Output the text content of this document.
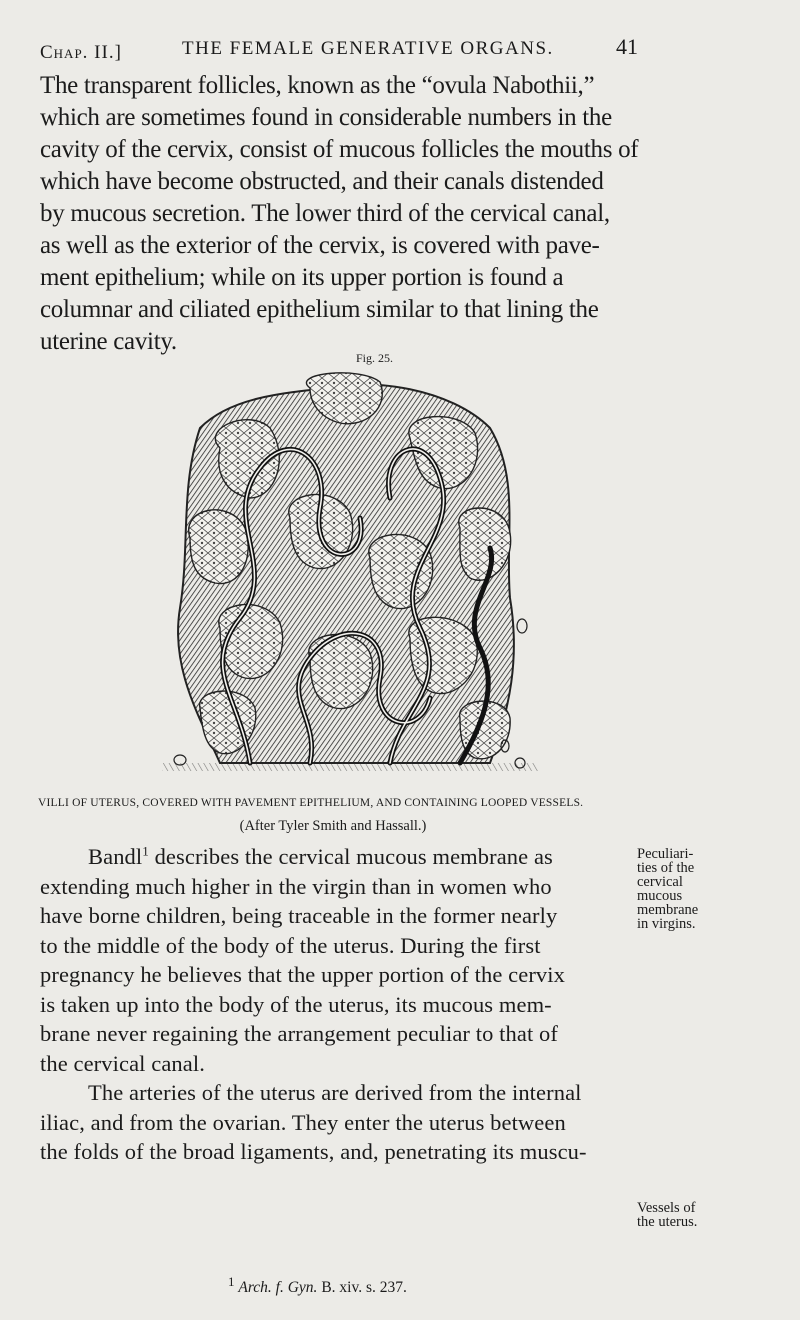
Chap. II.]	THE FEMALE GENERATIVE ORGANS.	41
The transparent follicles, known as the “ovula Nabothii,”
which are sometimes found in considerable numbers in the
cavity of the cervix, consist of mucous follicles the mouths of
which have become obstructed, and their canals distended
by mucous secretion. The lower third of the cervical canal,
as well as the exterior of the cervix, is covered with pave-
ment epithelium; while on its upper portion is found a
columnar and ciliated epithelium similar to that lining the
uterine cavity.
Fig. 25.
VILLI OF UTERUS, COVERED WITH PAVEMENT EPITHELIUM, AND CONTAINING LOOPED VESSELS.
(After Tyler Smith and Hassall.)
Bandl$^1$ describes the cervical mucous membrane as
extending much higher in the virgin than in women who
have borne children, being traceable in the former nearly
to the middle of the body of the uterus. During the first
pregnancy he believes that the upper portion of the cervix
is taken up into the body of the uterus, its mucous mem-
brane never regaining the arrangement peculiar to that of
the cervical canal.
The arteries of the uterus are derived from the internal
iliac, and from the ovarian. They enter the uterus between
the folds of the broad ligaments, and, penetrating its muscu-
Peculiari-
ties of the
cervical
mucous
membrane
in virgins.
Vessels of
the uterus.
$^1$ Arch. f. Gyn. B. xiv. s. 237.
